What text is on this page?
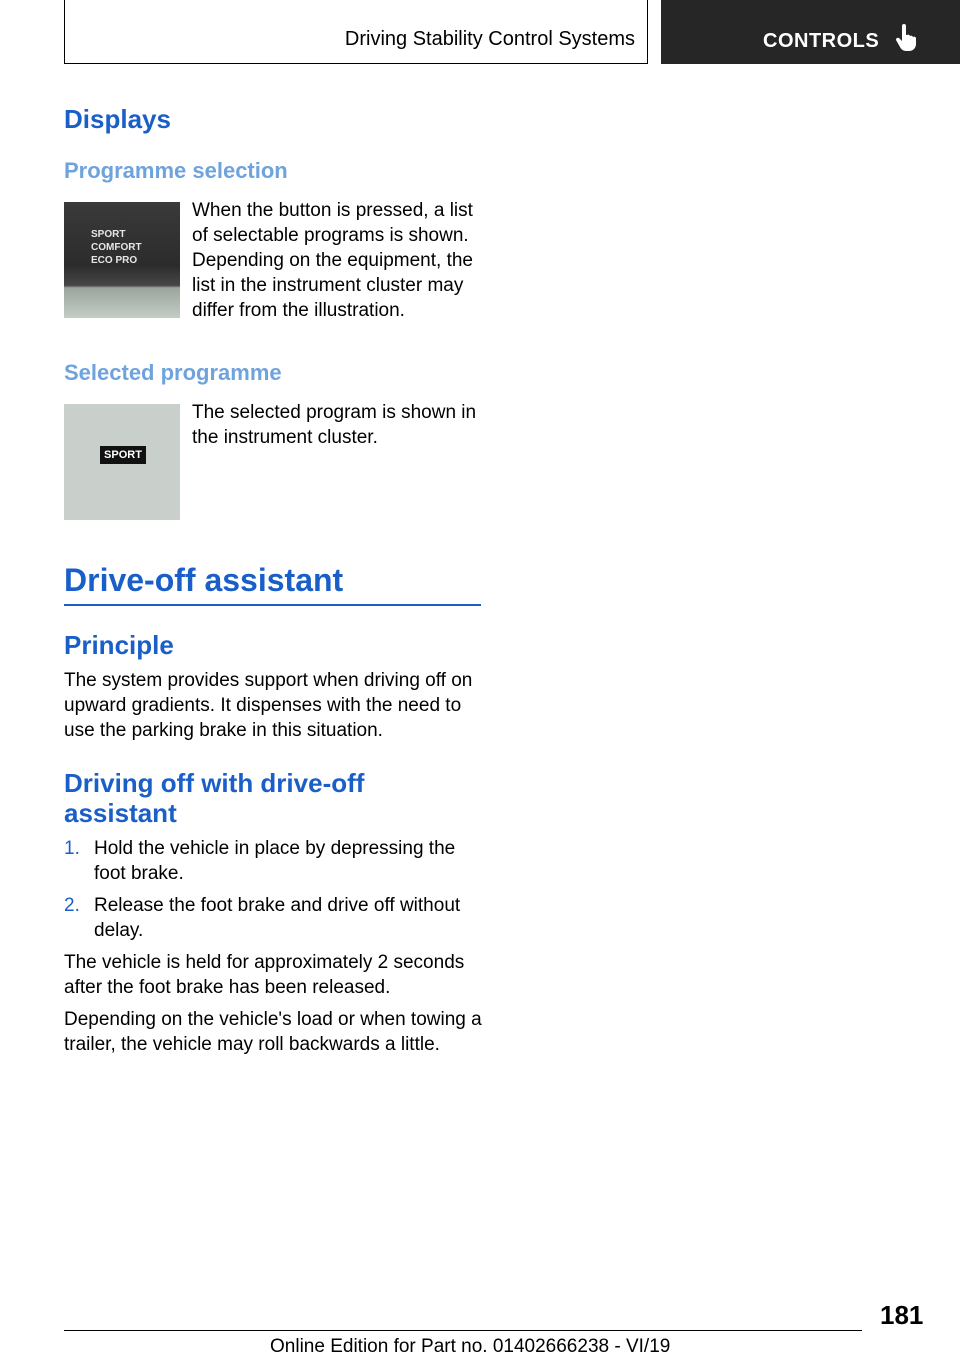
Driving Stability Control Systems	CONTROLS
Displays
Programme selection
SPORT
COMFORT
ECO PRO

When the button is pressed, a list of selectable programs is shown. Depending on the equipment, the list in the instrument cluster may differ from the illustration.

Selected programme
SPORT

The selected program is shown in the instrument cluster.

Drive-off assistant
Principle

The system provides support when driving off on upward gradients. It dispenses with the need to use the parking brake in this situation.

Driving off with drive-off assistant
1. Hold the vehicle in place by depressing the foot brake.
2. Release the foot brake and drive off without delay.

The vehicle is held for approximately 2 seconds after the foot brake has been released.

Depending on the vehicle's load or when towing a trailer, the vehicle may roll backwards a little.

181
Online Edition for Part no. 01402666238 - VI/19
